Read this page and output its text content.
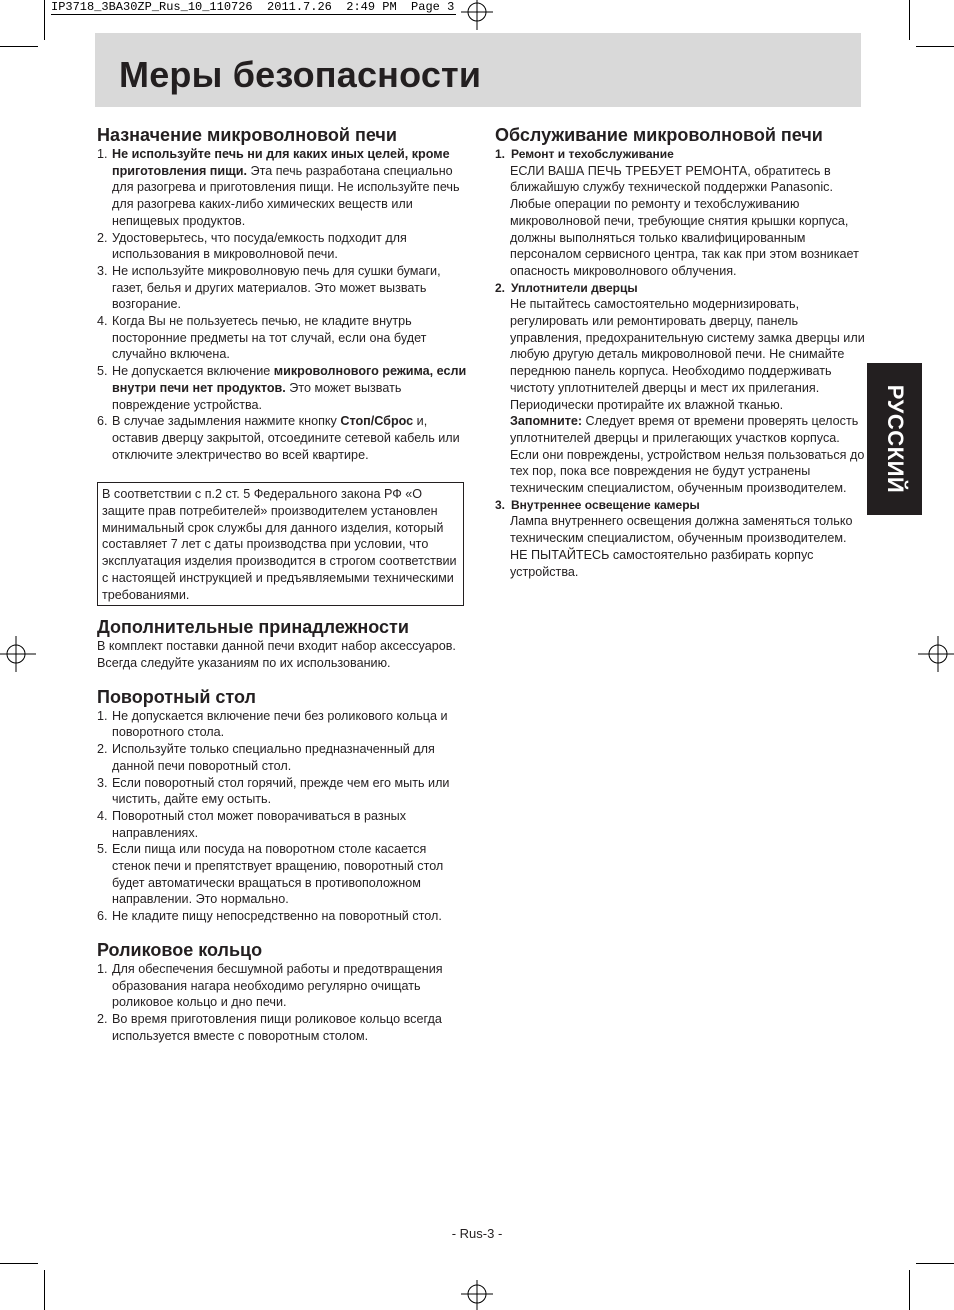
IP3718_3BA30ZP_Rus_10_110726  2011.7.26  2:49 PM  Page 3
Меры безопасности
Назначение микроволновой печи
1. Не используйте печь ни для каких иных целей, кроме приготовления пищи. Эта печь разработана специально для разогрева и приготовления пищи. Не используйте печь для разогрева каких-либо химических веществ или непищевых продуктов.
2. Удостоверьтесь, что посуда/емкость подходит для использования в микроволновой печи.
3. Не используйте микроволновую печь для сушки бумаги, газет, белья и других материалов. Это может вызвать возгорание.
4. Когда Вы не пользуетесь печью, не кладите внутрь посторонние предметы на тот случай, если она будет случайно включена.
5. Не допускается включение микроволнового режима, если внутри печи нет продуктов. Это может вызвать повреждение устройства.
6. В случае задымления нажмите кнопку Стоп/Сброс и, оставив дверцу закрытой, отсоедините сетевой кабель или отключите электричество во всей квартире.

В соответствии с п.2 ст. 5 Федерального закона РФ «О защите прав потребителей» производителем установлен минимальный срок службы для данного изделия, который составляет 7 лет с даты производства при условии, что эксплуатация изделия производится в строгом соответствии с настоящей инструкцией и предъявляемыми техническими требованиями.

Дополнительные принадлежности

В комплект поставки данной печи входит набор аксессуаров. Всегда следуйте указаниям по их использованию.

Поворотный стол
1. Не допускается включение печи без роликового кольца и поворотного стола.
2. Используйте только специально предназначенный для данной печи поворотный стол.
3. Если поворотный стол горячий, прежде чем его мыть или чистить, дайте ему остыть.
4. Поворотный стол может поворачиваться в разных направлениях.
5. Если пища или посуда на поворотном столе касается стенок печи и препятствует вращению, поворотный стол будет автоматически вращаться в противоположном направлении. Это нормально.
6. Не кладите пищу непосредственно на поворотный стол.
Роликовое кольцо
1. Для обеспечения бесшумной работы и предотвращения образования нагара необходимо регулярно очищать роликовое кольцо и дно печи.
2. Во время приготовления пищи роликовое кольцо всегда используется вместе с поворотным столом.
Обслуживание микроволновой печи
1. Ремонт и техобслуживание

ЕСЛИ ВАША ПЕЧЬ ТРЕБУЕТ РЕМОНТА, обратитесь в ближайшую службу технической поддержки Panasonic. Любые операции по ремонту и техобслуживанию микроволновой печи, требующие снятия крышки корпуса, должны выполняться только квалифицированным персоналом сервисного центра, так как при этом возникает опасность микроволнового облучения.

2. Уплотнители дверцы

Не пытайтесь самостоятельно модернизировать, регулировать или ремонтировать дверцу, панель управления, предохранительную систему замка дверцы или любую другую деталь микроволновой печи. Не снимайте переднюю панель корпуса. Необходимо поддерживать чистоту уплотнителей дверцы и мест их прилегания. Периодически протирайте их влажной тканью.

Запомните: Следует время от времени проверять целость уплотнителей дверцы и прилегающих участков корпуса. Если они повреждены, устройством нельзя пользоваться до тех пор, пока все повреждения не будут устранены техническим специалистом, обученным производителем.

3. Внутреннее освещение камеры

Лампа внутреннего освещения должна заменяться только техническим специалистом, обученным производителем. НЕ ПЫТАЙТЕСЬ самостоятельно разбирать корпус устройства.

РУССКИЙ
- Rus-3 -
